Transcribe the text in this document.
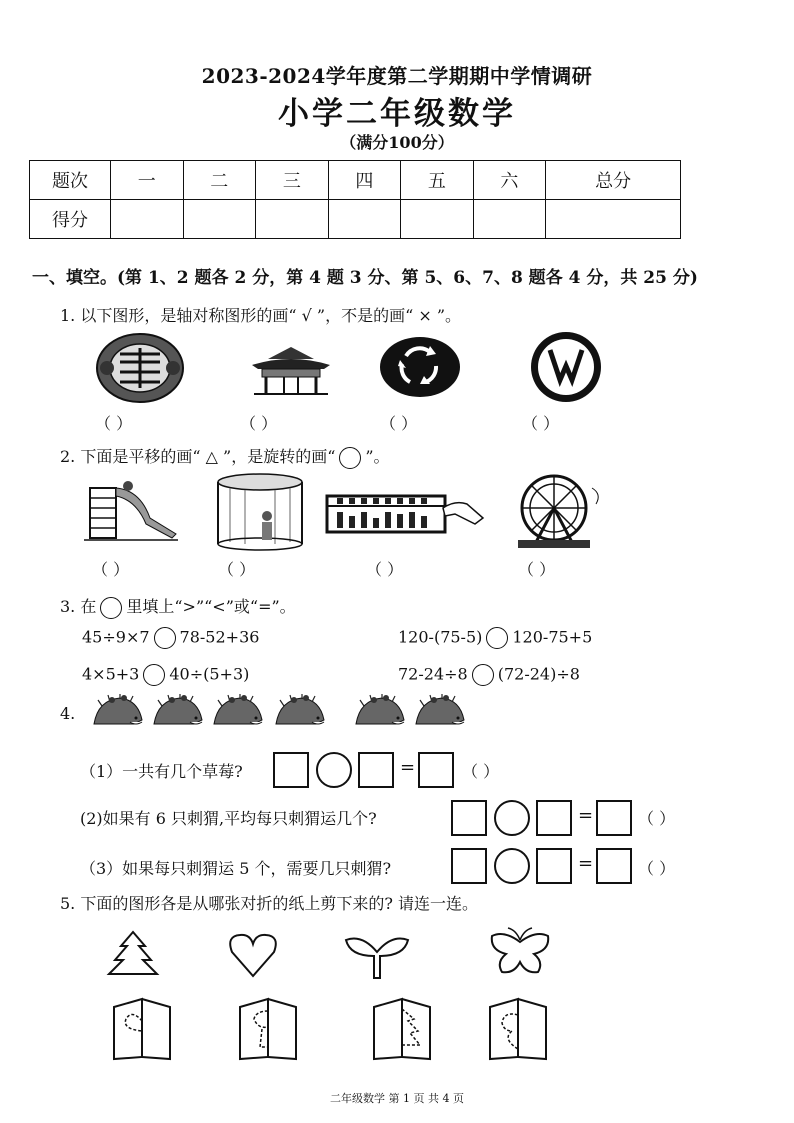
2023-2024学年度第二学期期中学情调研
小学二年级数学
（满分100分）
题次	一	二	三	四	五	六	总分
得分							
一、填空。(第 1、2 题各 2 分，第 4 题 3 分、第 5、6、7、8 题各 4 分，共 25 分)
1. 以下图形，是轴对称图形的画“ √ ”，不是的画“ × ”。
（ ）	（ ）	（ ）	（ ）
2. 下面是平移的画“ △ ”，是旋转的画“ ”。
（ ）	（ ）	（ ）	（ ）
3. 在 里填上“>”“<”或“=”。
45÷9×7 78-52+36	120-(75-5) 120-75+5
4×5+3 40÷(5+3)	72-24÷8 (72-24)÷8
4.
（1）一共有几个草莓?	=	（ ）
(2)如果有 6 只刺猬,平均每只刺猬运几个?	=	（ ）
（3）如果每只刺猬运 5 个，需要几只刺猬?	=	（ ）
5. 下面的图形各是从哪张对折的纸上剪下来的? 请连一连。
二年级数学 第 1 页 共 4 页
